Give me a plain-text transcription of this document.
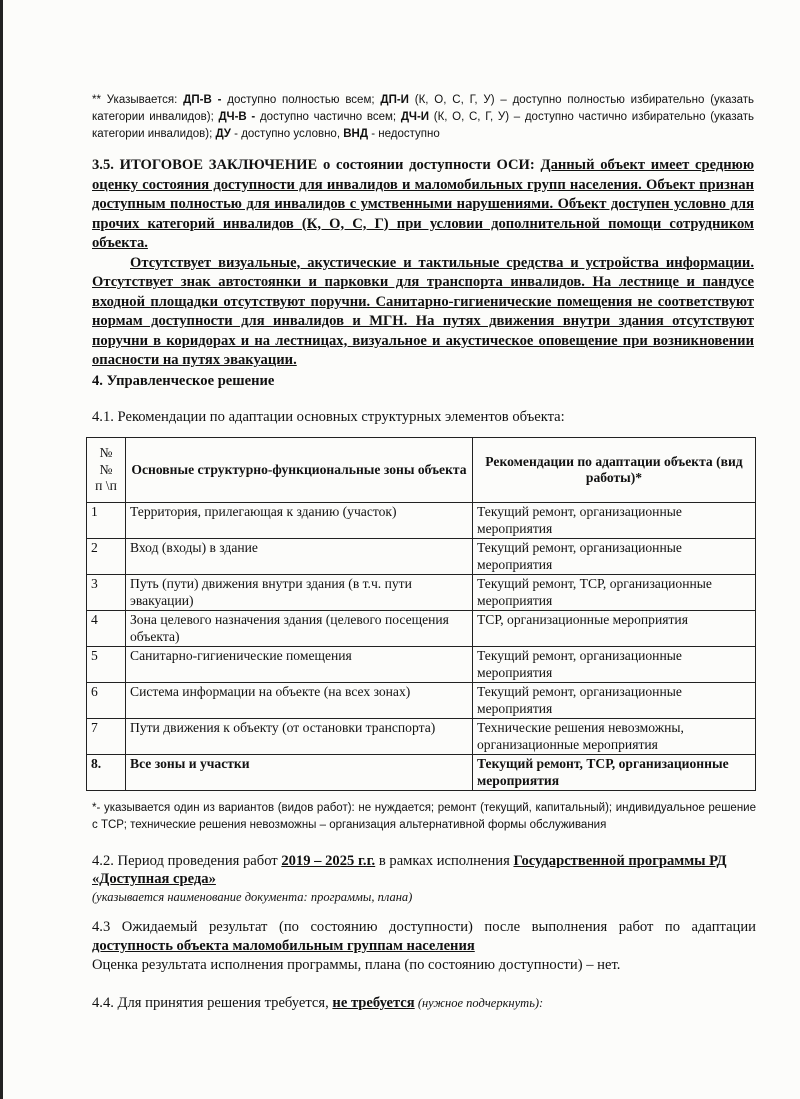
** Указывается: ДП-В - доступно полностью всем; ДП-И (К, О, С, Г, У) – доступно полностью избирательно (указать категории инвалидов); ДЧ-В - доступно частично всем; ДЧ-И (К, О, С, Г, У) – доступно частично избирательно (указать категории инвалидов); ДУ - доступно условно, ВНД - недоступно
3.5. ИТОГОВОЕ ЗАКЛЮЧЕНИЕ о состоянии доступности ОСИ: Данный объект имеет среднюю оценку состояния доступности для инвалидов и маломобильных групп населения. Объект признан доступным полностью для инвалидов с умственными нарушениями. Объект доступен условно для прочих категорий инвалидов (К, О, С, Г) при условии дополнительной помощи сотрудником объекта.
Отсутствует визуальные, акустические и тактильные средства и устройства информации. Отсутствует знак автостоянки и парковки для транспорта инвалидов. На лестнице и пандусе входной площадки отсутствуют поручни. Санитарно-гигиенические помещения не соответствуют нормам доступности для инвалидов и МГН. На путях движения внутри здания отсутствуют поручни в коридорах и на лестницах, визуальное и акустическое оповещение при возникновении опасности на путях эвакуации.
4. Управленческое решение
4.1. Рекомендации по адаптации основных структурных элементов объекта:
№
№
п \п	Основные структурно-функциональные зоны объекта	Рекомендации по адаптации объекта (вид работы)*
1	Территория, прилегающая к зданию (участок)	Текущий ремонт, организационные мероприятия
2	Вход (входы) в здание	Текущий ремонт, организационные мероприятия
3	Путь (пути) движения внутри здания (в т.ч. пути эвакуации)	Текущий ремонт, ТСР, организационные мероприятия
4	Зона целевого назначения здания (целевого посещения объекта)	ТСР, организационные мероприятия
5	Санитарно-гигиенические помещения	Текущий ремонт, организационные мероприятия
6	Система информации на объекте (на всех зонах)	Текущий ремонт, организационные мероприятия
7	Пути движения к объекту (от остановки транспорта)	Технические решения невозможны, организационные мероприятия
8.	Все зоны и участки	Текущий ремонт, ТСР, организационные мероприятия
*- указывается один из вариантов (видов работ): не нуждается; ремонт (текущий, капитальный); индивидуальное решение с ТСР; технические решения невозможны – организация альтернативной формы обслуживания
4.2. Период проведения работ 2019 – 2025 г.г. в рамках исполнения Государственной программы РД «Доступная среда»
(указывается наименование документа: программы, плана)
4.3 Ожидаемый результат (по состоянию доступности) после выполнения работ по адаптации доступность объекта маломобильным группам населения
Оценка результата исполнения программы, плана (по состоянию доступности) – нет.
4.4. Для принятия решения требуется, не требуется (нужное подчеркнуть):
